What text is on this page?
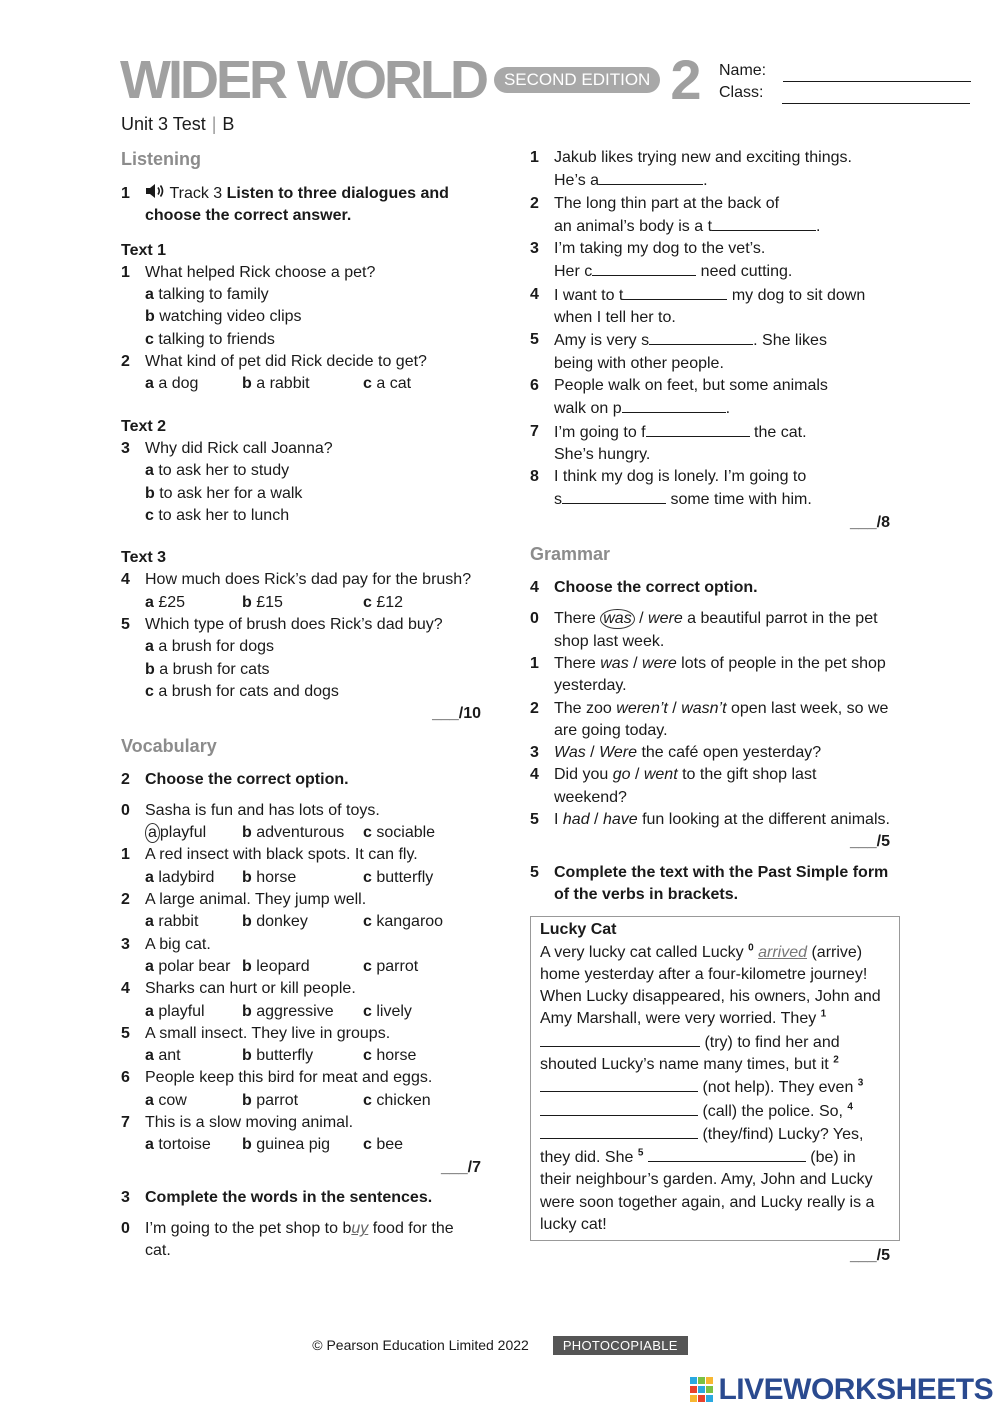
WIDER WORLD SECOND EDITION 2 Name:
Class:
Unit 3 Test | B
Listening
1	Track 3 Listen to three dialogues and choose the correct answer.
Text 1
1 What helped Rick choose a pet?
a talking to family
b watching video clips
c talking to friends
2 What kind of pet did Rick decide to get?
a a dog	b a rabbit	c a cat
Text 2
3 Why did Rick call Joanna?
a to ask her to study
b to ask her for a walk
c to ask her to lunch
Text 3
4 How much does Rick’s dad pay for the brush?
a £25	b £15	c £12
5 Which type of brush does Rick’s dad buy?
a a brush for dogs
b a brush for cats
c a brush for cats and dogs
___/10
Vocabulary
2 Choose the correct option.
0 Sasha is fun and has lots of toys.
a playful	b adventurous	c sociable
1 A red insect with black spots. It can fly.
a ladybird	b horse	c butterfly
2 A large animal. They jump well.
a rabbit	b donkey	c kangaroo
3 A big cat.
a polar bear b leopard	c parrot
4 Sharks can hurt or kill people.
a playful	b aggressive	c lively
5 A small insect. They live in groups.
a ant	b butterfly	c horse
6 People keep this bird for meat and eggs.
a cow	b parrot	c chicken
7 This is a slow moving animal.
a tortoise	b guinea pig	c bee
___/7
3 Complete the words in the sentences.
0 I’m going to the pet shop to buy food for the cat.
1 Jakub likes trying new and exciting things.
He’s a	.
2 The long thin part at the back of
an animal’s body is a t	.
3 I’m taking my dog to the vet’s.
Her c	need cutting.
4 I want to t	my dog to sit down
when I tell her to.
5 Amy is very s	. She likes
being with other people.
6 People walk on feet, but some animals
walk on p	.
7 I’m going to f	the cat.
She’s hungry.
8 I think my dog is lonely. I’m going to
s	some time with him.
___/8
Grammar
4 Choose the correct option.
0 There was / were a beautiful parrot in the pet shop last week.
1 There was / were lots of people in the pet shop yesterday.
2 The zoo weren’t / wasn’t open last week, so we are going today.
3 Was / Were the café open yesterday?
4 Did you go / went to the gift shop last weekend?
5 I had / have fun looking at the different animals.
___/5
5 Complete the text with the Past Simple form of the verbs in brackets.
Lucky Cat
A very lucky cat called Lucky $^0$ arrived (arrive) home yesterday after a four-kilometre journey! When Lucky disappeared, his owners, John and Amy Marshall, were very worried. They $^1$  (try) to find her and shouted Lucky’s name many times, but it $^2$  (not help). They even $^3$  (call) the police. So, $^4$  (they/find) Lucky? Yes, they did. She $^5$	(be) in their neighbour’s garden. Amy, John and Lucky were soon together again, and Lucky really is a lucky cat!
___/5
© Pearson Education Limited 2022	PHOTOCOPIABLE
LIVEWORKSHEETS
